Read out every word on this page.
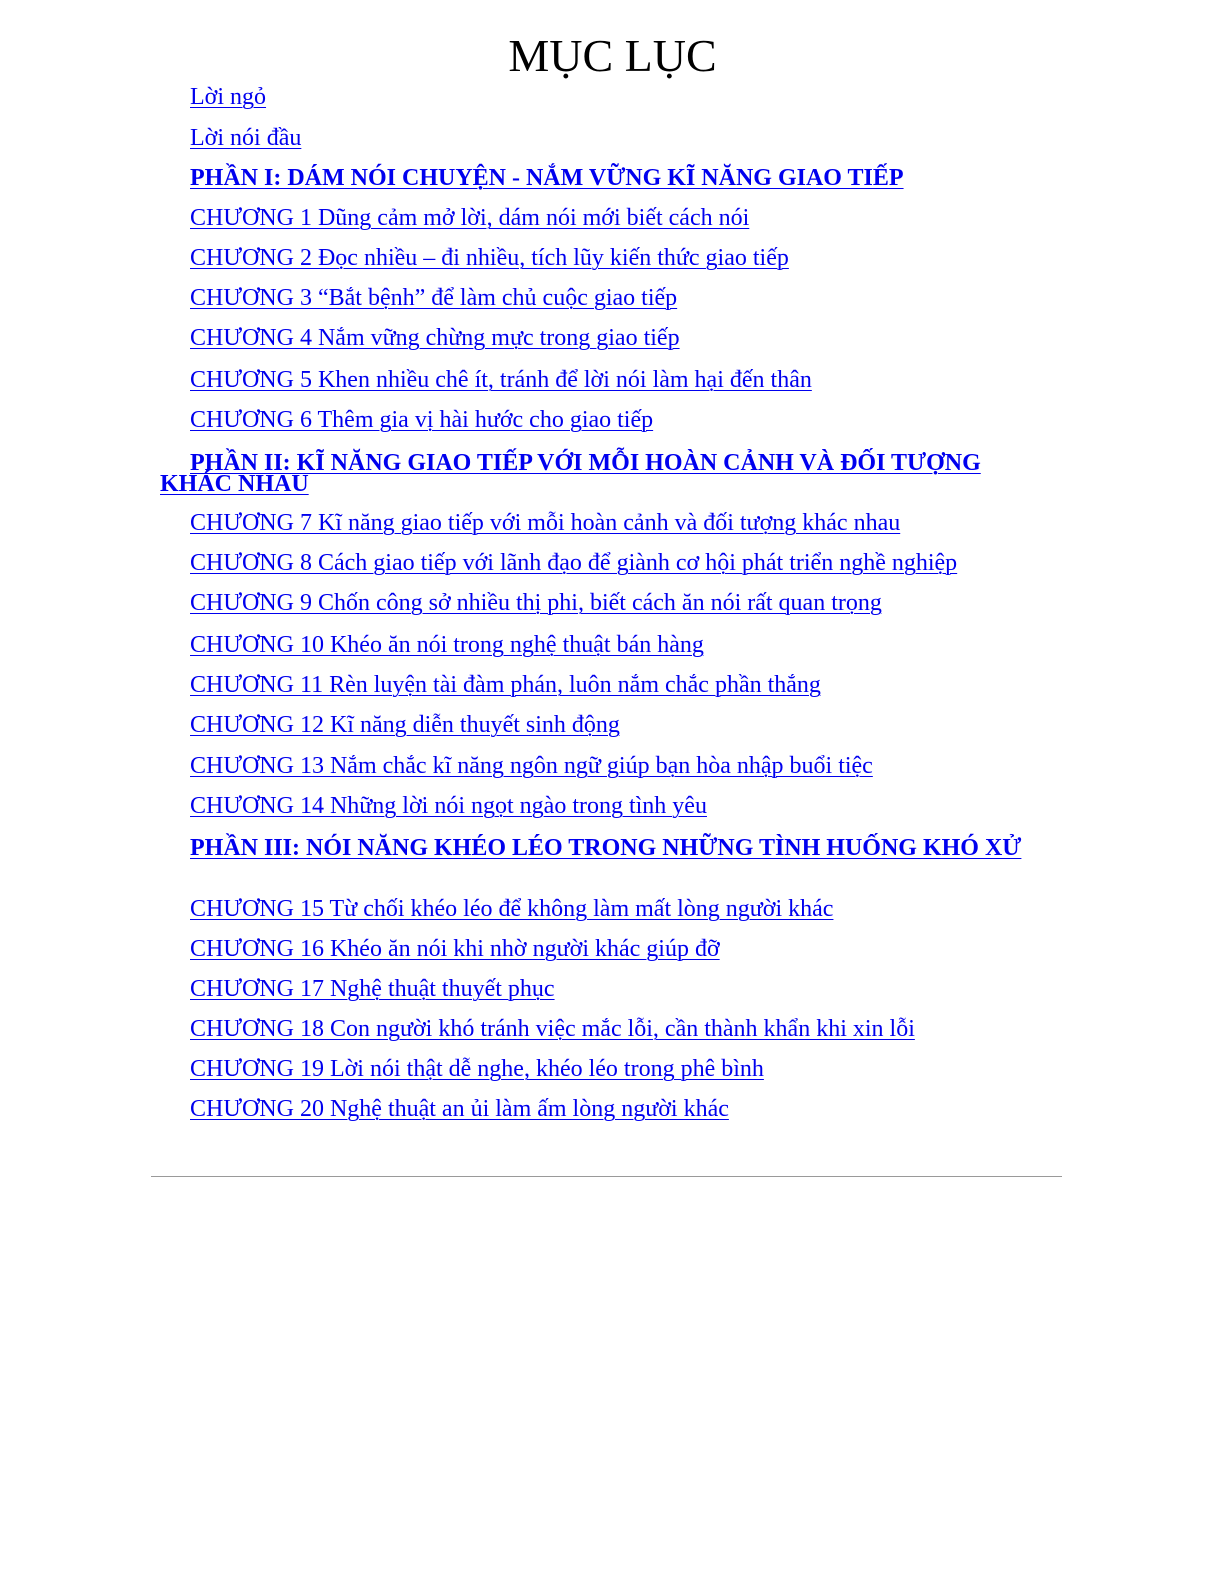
MỤC LỤC
Lời ngỏ
Lời nói đầu
PHẦN I: DÁM NÓI CHUYỆN - NẮM VỮNG KĨ NĂNG GIAO TIẾP
CHƯƠNG 1 Dũng cảm mở lời, dám nói mới biết cách nói
CHƯƠNG 2 Đọc nhiều – đi nhiều, tích lũy kiến thức giao tiếp
CHƯƠNG 3 “Bắt bệnh” để làm chủ cuộc giao tiếp
CHƯƠNG 4 Nắm vững chừng mực trong giao tiếp
CHƯƠNG 5 Khen nhiều chê ít, tránh để lời nói làm hại đến thân
CHƯƠNG 6 Thêm gia vị hài hước cho giao tiếp
PHẦN II: KĨ NĂNG GIAO TIẾP VỚI MỖI HOÀN CẢNH VÀ ĐỐI TƯỢNG KHÁC NHAU
CHƯƠNG 7 Kĩ năng giao tiếp với mỗi hoàn cảnh và đối tượng khác nhau
CHƯƠNG 8 Cách giao tiếp với lãnh đạo để giành cơ hội phát triển nghề nghiệp
CHƯƠNG 9 Chốn công sở nhiều thị phi, biết cách ăn nói rất quan trọng
CHƯƠNG 10 Khéo ăn nói trong nghệ thuật bán hàng
CHƯƠNG 11 Rèn luyện tài đàm phán, luôn nắm chắc phần thắng
CHƯƠNG 12 Kĩ năng diễn thuyết sinh động
CHƯƠNG 13 Nắm chắc kĩ năng ngôn ngữ giúp bạn hòa nhập buổi tiệc
CHƯƠNG 14 Những lời nói ngọt ngào trong tình yêu
PHẦN III: NÓI NĂNG KHÉO LÉO TRONG NHỮNG TÌNH HUỐNG KHÓ XỬ
CHƯƠNG 15 Từ chối khéo léo để không làm mất lòng người khác
CHƯƠNG 16 Khéo ăn nói khi nhờ người khác giúp đỡ
CHƯƠNG 17 Nghệ thuật thuyết phục
CHƯƠNG 18 Con người khó tránh việc mắc lỗi, cần thành khẩn khi xin lỗi
CHƯƠNG 19 Lời nói thật dễ nghe, khéo léo trong phê bình
CHƯƠNG 20 Nghệ thuật an ủi làm ấm lòng người khác
